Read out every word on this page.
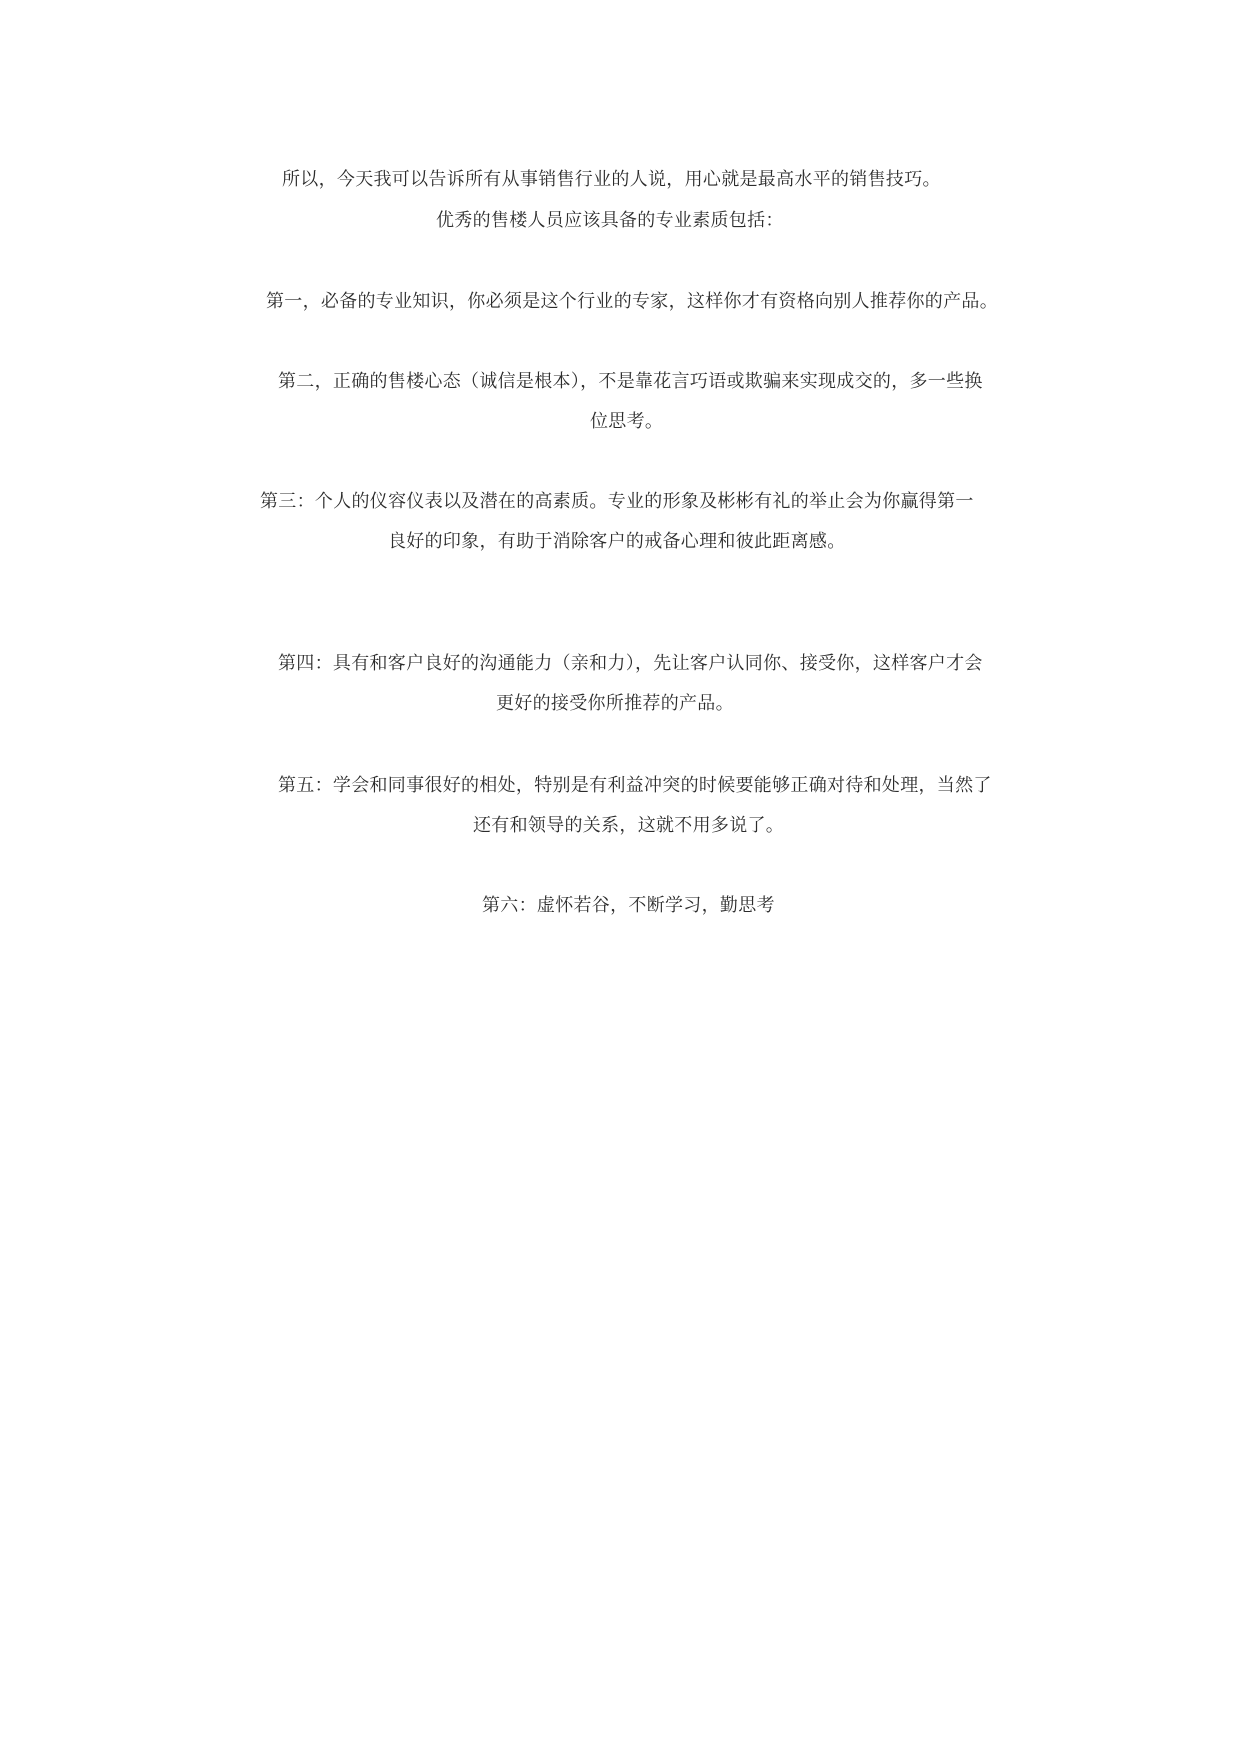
所以，今天我可以告诉所有从事销售行业的人说，用心就是最高水平的销售技巧。
优秀的售楼人员应该具备的专业素质包括：
第一，必备的专业知识，你必须是这个行业的专家，这样你才有资格向别人推荐你的产品。
第二，正确的售楼心态（诚信是根本），不是靠花言巧语或欺骗来实现成交的，多一些换
位思考。
第三：个人的仪容仪表以及潜在的高素质。专业的形象及彬彬有礼的举止会为你赢得第一
良好的印象，有助于消除客户的戒备心理和彼此距离感。
第四：具有和客户良好的沟通能力（亲和力），先让客户认同你、接受你，这样客户才会
更好的接受你所推荐的产品。
第五：学会和同事很好的相处，特别是有利益冲突的时候要能够正确对待和处理，当然了
还有和领导的关系，这就不用多说了。
第六：虚怀若谷，不断学习，勤思考
